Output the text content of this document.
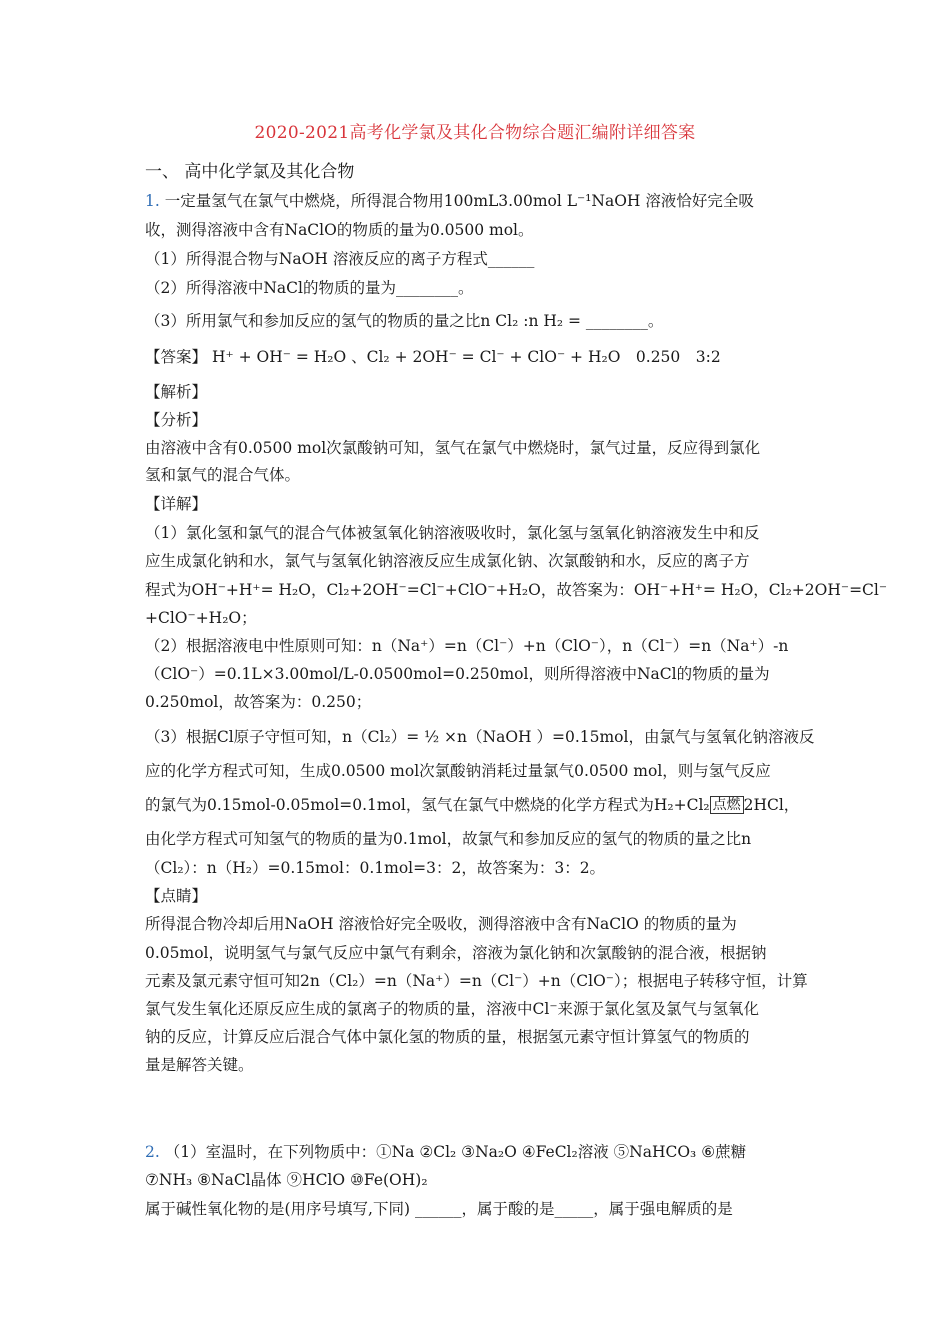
2020-2021高考化学氯及其化合物综合题汇编附详细答案
一、 高中化学氯及其化合物
1. 一定量氢气在氯气中燃烧，所得混合物用100mL3.00mol L⁻¹NaOH 溶液恰好完全吸
收，测得溶液中含有NaClO的物质的量为0.0500 mol。
（1）所得混合物与NaOH 溶液反应的离子方程式______
（2）所得溶液中NaCl的物质的量为________。
（3）所用氯气和参加反应的氢气的物质的量之比n Cl₂ :n H₂ = ________。
【答案】 H⁺ + OH⁻ = H₂O 、Cl₂ + 2OH⁻ = Cl⁻ + ClO⁻ + H₂O　0.250　3:2
【解析】
【分析】
由溶液中含有0.0500 mol次氯酸钠可知，氢气在氯气中燃烧时，氯气过量，反应得到氯化
氢和氯气的混合气体。
【详解】
（1）氯化氢和氯气的混合气体被氢氧化钠溶液吸收时，氯化氢与氢氧化钠溶液发生中和反
应生成氯化钠和水，氯气与氢氧化钠溶液反应生成氯化钠、次氯酸钠和水，反应的离子方
程式为OH⁻+H⁺= H₂O，Cl₂+2OH⁻=Cl⁻+ClO⁻+H₂O，故答案为：OH⁻+H⁺= H₂O，Cl₂+2OH⁻=Cl⁻
+ClO⁻+H₂O；
（2）根据溶液电中性原则可知：n（Na⁺）=n（Cl⁻）+n（ClO⁻），n（Cl⁻）=n（Na⁺）-n
（ClO⁻）=0.1L×3.00mol/L-0.0500mol=0.250mol，则所得溶液中NaCl的物质的量为
0.250mol，故答案为：0.250；
（3）根据Cl原子守恒可知，n（Cl₂）= ½ ×n（NaOH ）=0.15mol，由氯气与氢氧化钠溶液反
应的化学方程式可知，生成0.0500 mol次氯酸钠消耗过量氯气0.0500 mol，则与氢气反应
的氯气为0.15mol-0.05mol=0.1mol，氢气在氯气中燃烧的化学方程式为H₂+Cl₂ 点燃 2HCl，
由化学方程式可知氢气的物质的量为0.1mol，故氯气和参加反应的氢气的物质的量之比n
（Cl₂）：n（H₂）=0.15mol：0.1mol=3：2，故答案为：3：2。
【点睛】
所得混合物冷却后用NaOH 溶液恰好完全吸收，测得溶液中含有NaClO 的物质的量为
0.05mol，说明氢气与氯气反应中氯气有剩余，溶液为氯化钠和次氯酸钠的混合液，根据钠
元素及氯元素守恒可知2n（Cl₂）=n（Na⁺）=n（Cl⁻）+n（ClO⁻）；根据电子转移守恒，计算
氯气发生氧化还原反应生成的氯离子的物质的量，溶液中Cl⁻来源于氯化氢及氯气与氢氧化
钠的反应，计算反应后混合气体中氯化氢的物质的量，根据氢元素守恒计算氢气的物质的
量是解答关键。
2. （1）室温时，在下列物质中：①Na ②Cl₂ ③Na₂O ④FeCl₂溶液 ⑤NaHCO₃ ⑥蔗糖
⑦NH₃ ⑧NaCl晶体 ⑨HClO ⑩Fe(OH)₂
属于碱性氧化物的是(用序号填写,下同) ______，属于酸的是_____，属于强电解质的是
